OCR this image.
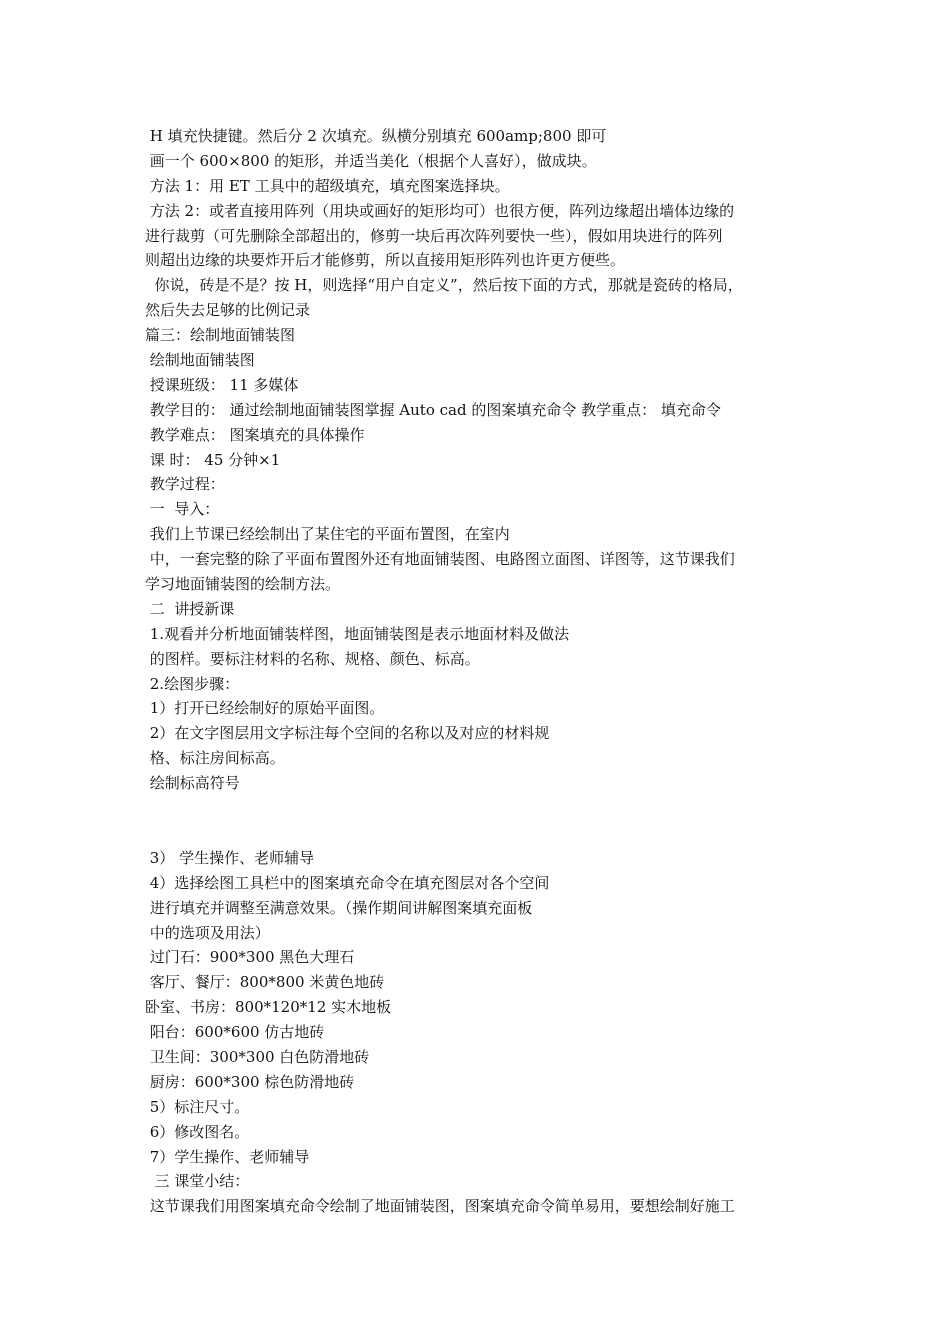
H 填充快捷键。然后分 2 次填充。纵横分别填充 600amp;800 即可
画一个 600×800 的矩形，并适当美化（根据个人喜好），做成块。
方法 1：用 ET 工具中的超级填充，填充图案选择块。
方法 2：或者直接用阵列（用块或画好的矩形均可）也很方便，阵列边缘超出墙体边缘的
进行裁剪（可先删除全部超出的，修剪一块后再次阵列要快一些），假如用块进行的阵列
则超出边缘的块要炸开后才能修剪，所以直接用矩形阵列也许更方便些。
你说，砖是不是？按 H，则选择“用户自定义”，然后按下面的方式，那就是瓷砖的格局，
然后失去足够的比例记录
篇三：绘制地面铺装图
绘制地面铺装图
授课班级： 11 多媒体
教学目的： 通过绘制地面铺装图掌握 Auto cad 的图案填充命令 教学重点： 填充命令
教学难点： 图案填充的具体操作
课 时： 45 分钟×1
教学过程：
一  导入：
我们上节课已经绘制出了某住宅的平面布置图，在室内
中，一套完整的除了平面布置图外还有地面铺装图、电路图立面图、详图等，这节课我们
学习地面铺装图的绘制方法。
二  讲授新课
1.观看并分析地面铺装样图，地面铺装图是表示地面材料及做法
的图样。要标注材料的名称、规格、颜色、标高。
2.绘图步骤：
1）打开已经绘制好的原始平面图。
2）在文字图层用文字标注每个空间的名称以及对应的材料规
格、标注房间标高。
绘制标高符号
3） 学生操作、老师辅导
4）选择绘图工具栏中的图案填充命令在填充图层对各个空间
进行填充并调整至满意效果。（操作期间讲解图案填充面板
中的选项及用法）
过门石：900*300 黑色大理石
客厅、餐厅：800*800 米黄色地砖
卧室、书房：800*120*12 实木地板
阳台：600*600 仿古地砖
卫生间：300*300 白色防滑地砖
厨房：600*300 棕色防滑地砖
5）标注尺寸。
6）修改图名。
7）学生操作、老师辅导
三 课堂小结：
这节课我们用图案填充命令绘制了地面铺装图，图案填充命令简单易用，要想绘制好施工
